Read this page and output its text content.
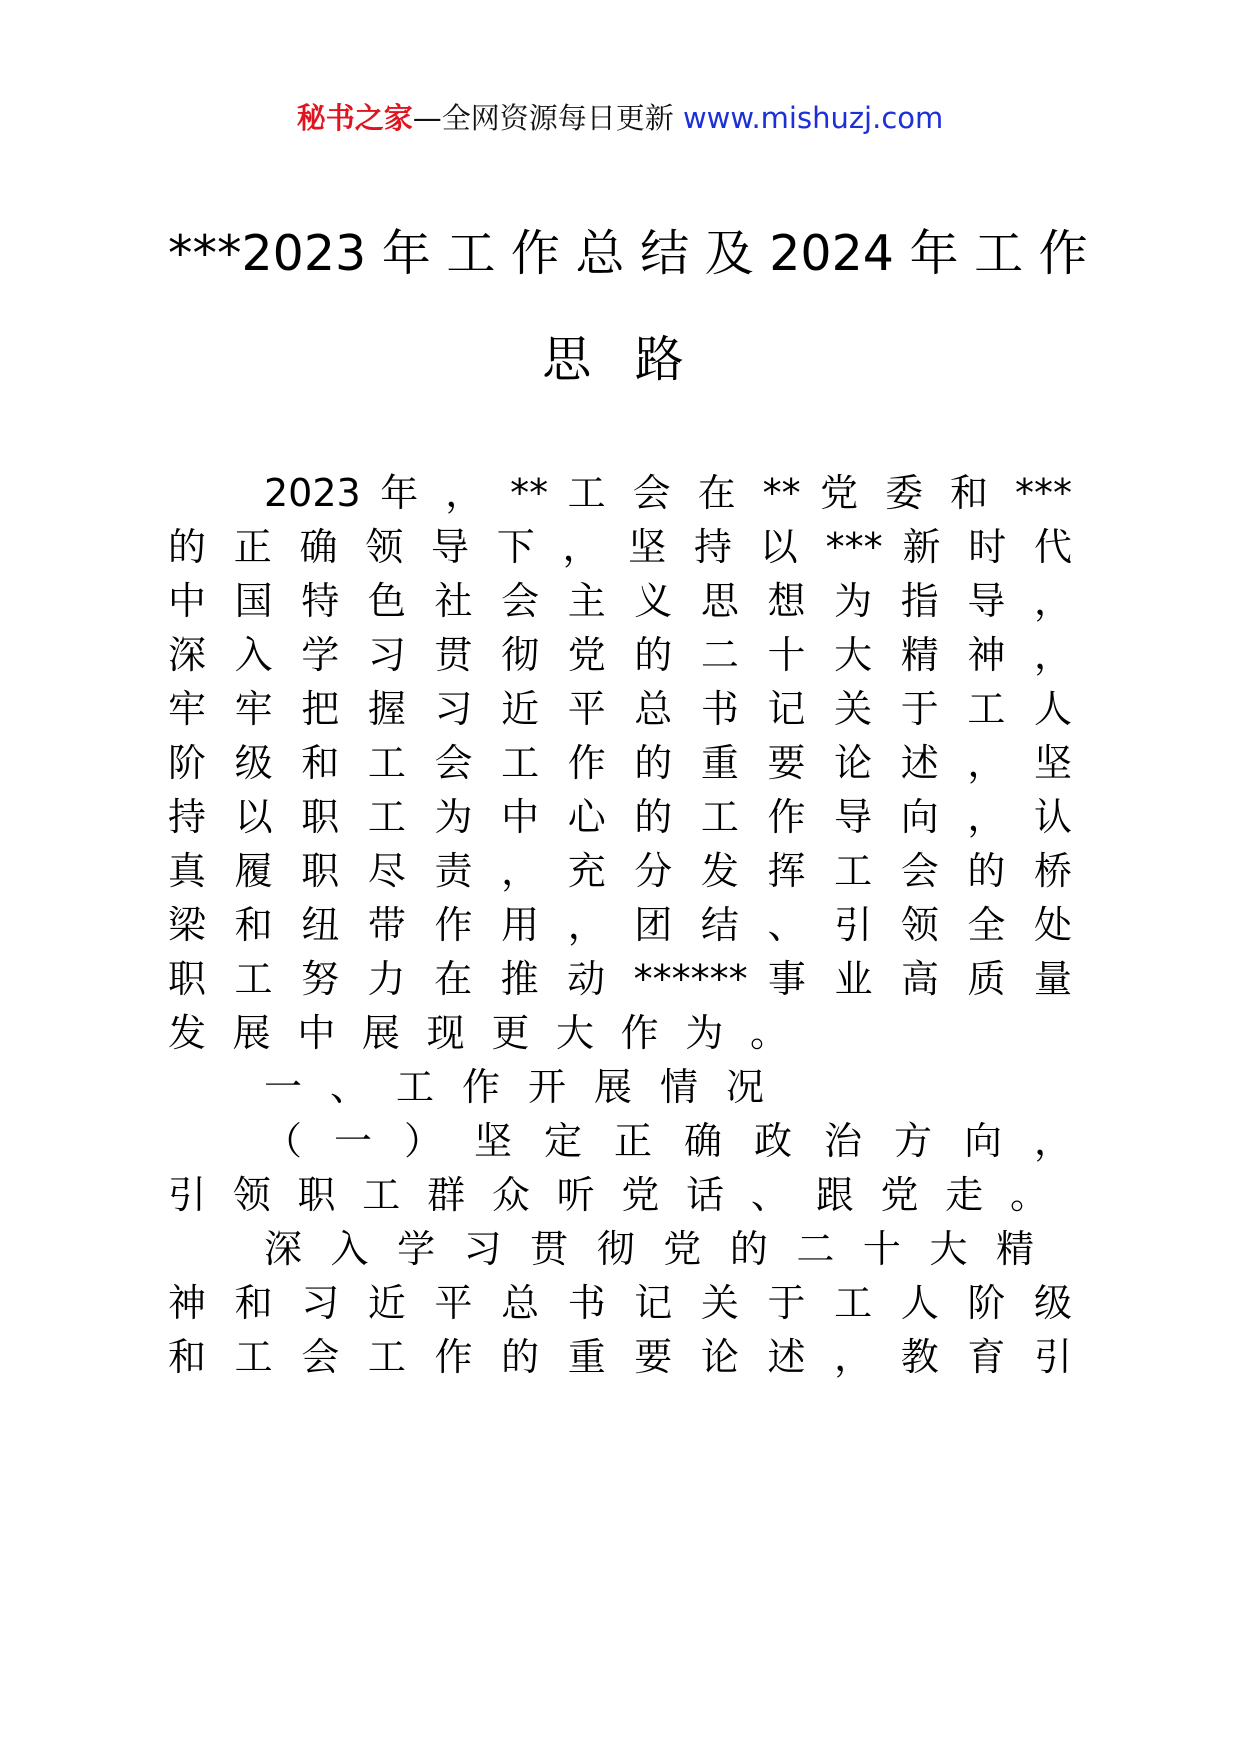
秘书之家—全网资源每日更新 www.mishuzj.com
***2023 年 工 作 总 结 及 2024 年 工 作
思 路
2023 年 ， ** 工 会 在 ** 党 委 和 ***
的 正 确 领 导 下 ， 坚 持 以 *** 新 时 代
中 国 特 色 社 会 主 义 思 想 为 指 导 ，
深 入 学 习 贯 彻 党 的 二 十 大 精 神 ，
牢 牢 把 握 习 近 平 总 书 记 关 于 工 人
阶 级 和 工 会 工 作 的 重 要 论 述 ， 坚
持 以 职 工 为 中 心 的 工 作 导 向 ， 认
真 履 职 尽 责 ， 充 分 发 挥 工 会 的 桥
梁 和 纽 带 作 用 ， 团 结 、 引 领 全 处
职 工 努 力 在 推 动 ****** 事 业 高 质 量
发 展 中 展 现 更 大 作 为 。
一 、 工 作 开 展 情 况
（ 一 ） 坚 定 正 确 政 治 方 向 ，
引 领 职 工 群 众 听 党 话 、 跟 党 走 。
深 入 学 习 贯 彻 党 的 二 十 大 精
神 和 习 近 平 总 书 记 关 于 工 人 阶 级
和 工 会 工 作 的 重 要 论 述 ， 教 育 引
